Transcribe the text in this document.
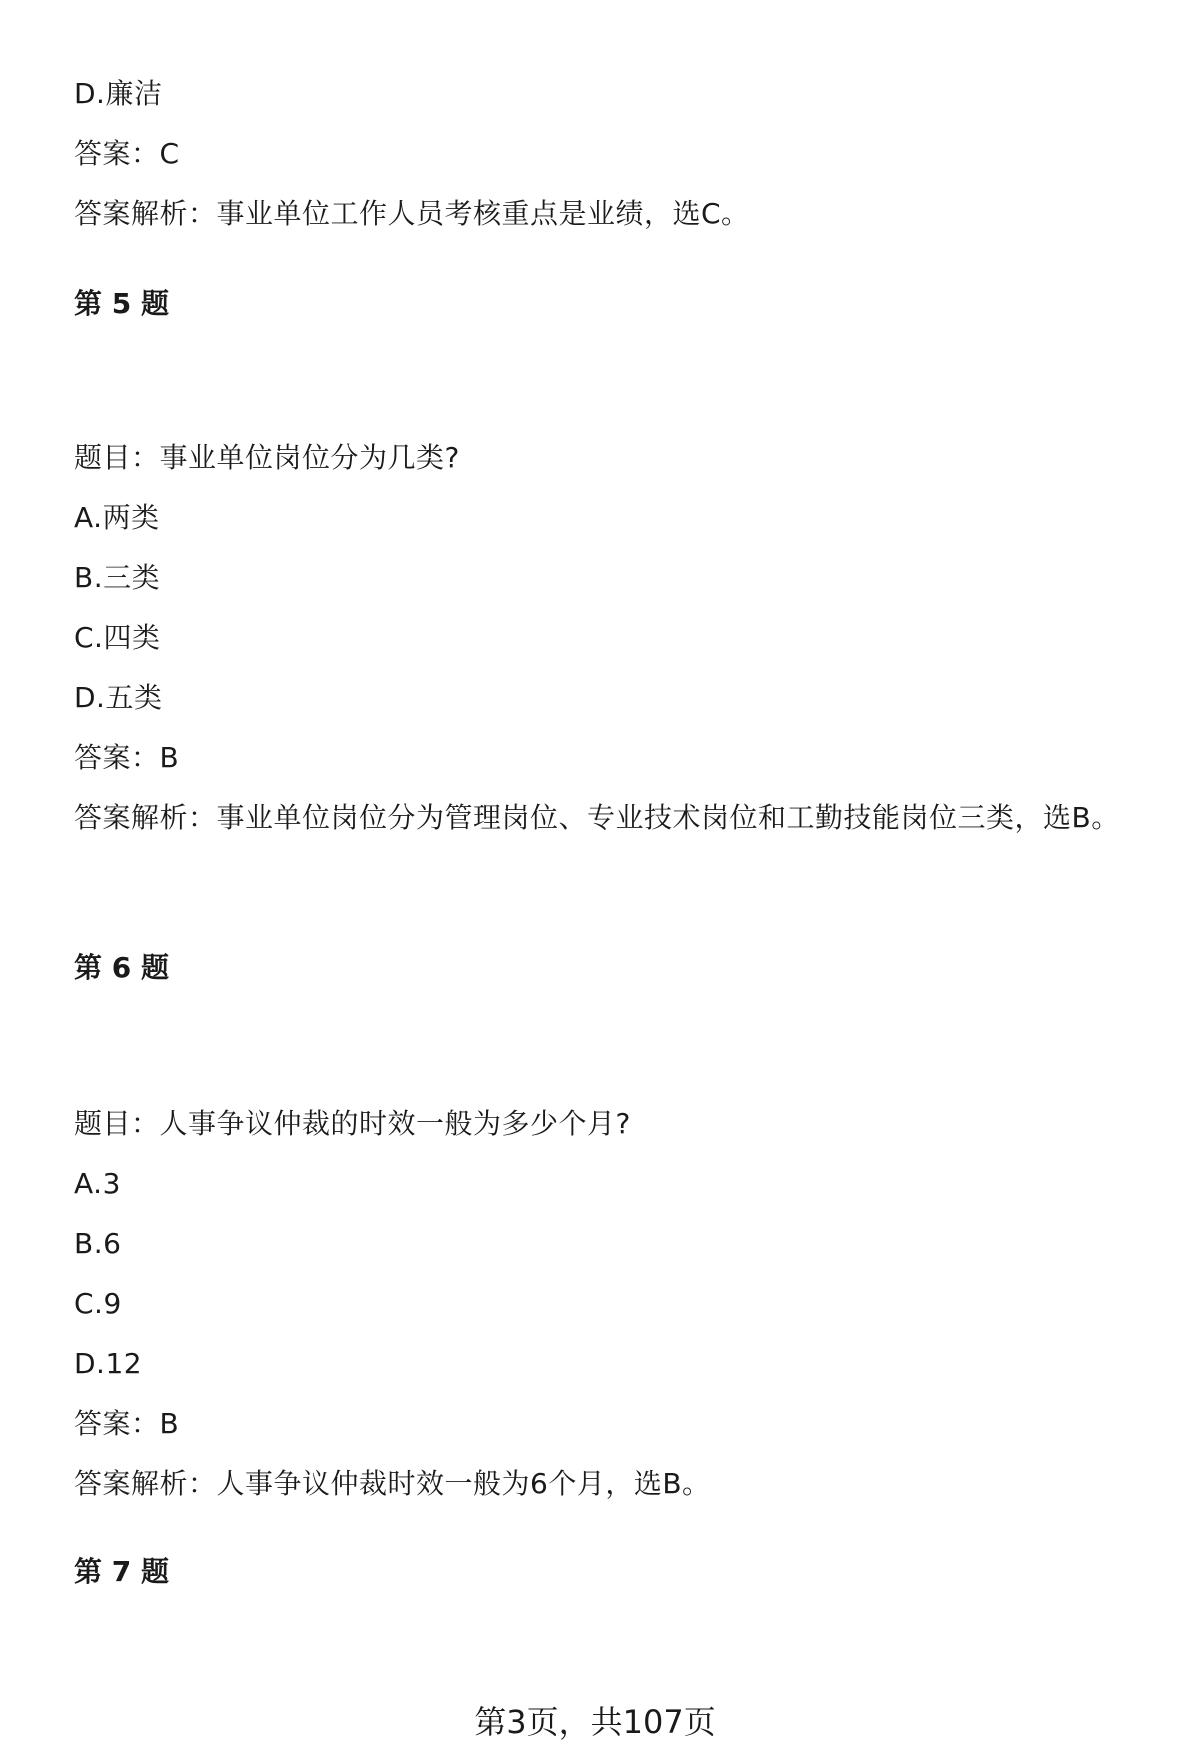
D.廉洁
答案：C
答案解析：事业单位工作人员考核重点是业绩，选C。
第 5 题
题目：事业单位岗位分为几类?
A.两类
B.三类
C.四类
D.五类
答案：B
答案解析：事业单位岗位分为管理岗位、专业技术岗位和工勤技能岗位三类，选B。
第 6 题
题目：人事争议仲裁的时效一般为多少个月?
A.3
B.6
C.9
D.12
答案：B
答案解析：人事争议仲裁时效一般为6个月，选B。
第 7 题
第3页，共107页
